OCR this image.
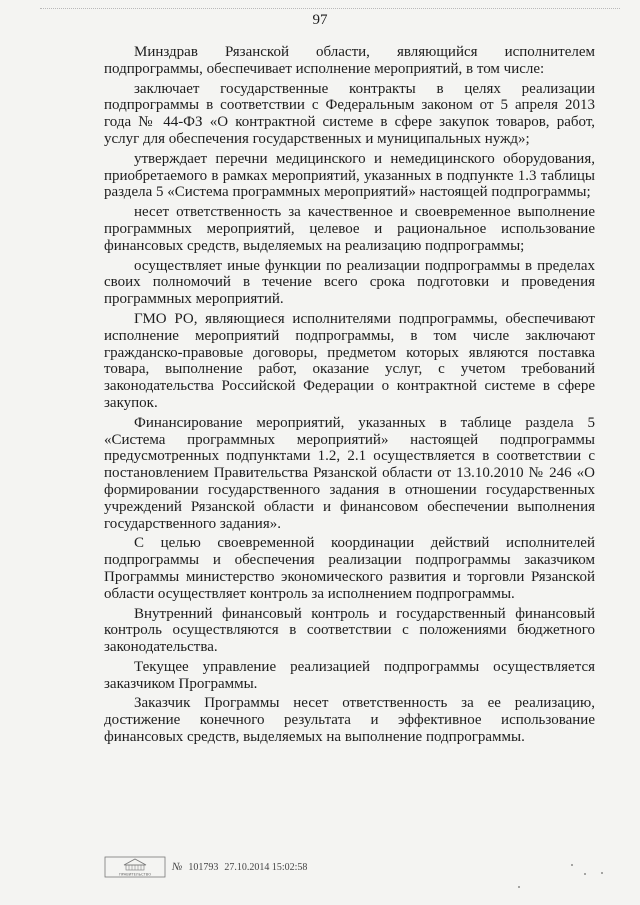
97

Минздрав Рязанской области, являющийся исполнителем подпрограммы, обеспечивает исполнение мероприятий, в том числе:

заключает государственные контракты в целях реализации подпрограммы в соответствии с Федеральным законом от 5 апреля 2013 года № 44-ФЗ «О контрактной системе в сфере закупок товаров, работ, услуг для обеспечения государственных и муниципальных нужд»;

утверждает перечни медицинского и немедицинского оборудования, приобретаемого в рамках мероприятий, указанных в подпункте 1.3 таблицы раздела 5 «Система программных мероприятий» настоящей подпрограммы;

несет ответственность за качественное и своевременное выполнение программных мероприятий, целевое и рациональное использование финансовых средств, выделяемых на реализацию подпрограммы;

осуществляет иные функции по реализации подпрограммы в пределах своих полномочий в течение всего срока подготовки и проведения программных мероприятий.

ГМО РО, являющиеся исполнителями подпрограммы, обеспечивают исполнение мероприятий подпрограммы, в том числе заключают гражданско-правовые договоры, предметом которых являются поставка товара, выполнение работ, оказание услуг, с учетом требований законодательства Российской Федерации о контрактной системе в сфере закупок.

Финансирование мероприятий, указанных в таблице раздела 5 «Система программных мероприятий» настоящей подпрограммы предусмотренных подпунктами 1.2, 2.1 осуществляется в соответствии с постановлением Правительства Рязанской области от 13.10.2010 № 246 «О формировании государственного задания в отношении государственных учреждений Рязанской области и финансовом обеспечении выполнения государственного задания».

С целью своевременной координации действий исполнителей подпрограммы и обеспечения реализации подпрограммы заказчиком Программы министерство экономического развития и торговли Рязанской области осуществляет контроль за исполнением подпрограммы.

Внутренний финансовый контроль и государственный финансовый контроль осуществляются в соответствии с положениями бюджетного законодательства.

Текущее управление реализацией подпрограммы осуществляется заказчиком Программы.

Заказчик Программы несет ответственность за ее реализацию, достижение конечного результата и эффективное использование финансовых средств, выделяемых на выполнение подпрограммы.

ПРАВИТЕЛЬСТВО
№ 101793 27.10.2014 15:02:58
